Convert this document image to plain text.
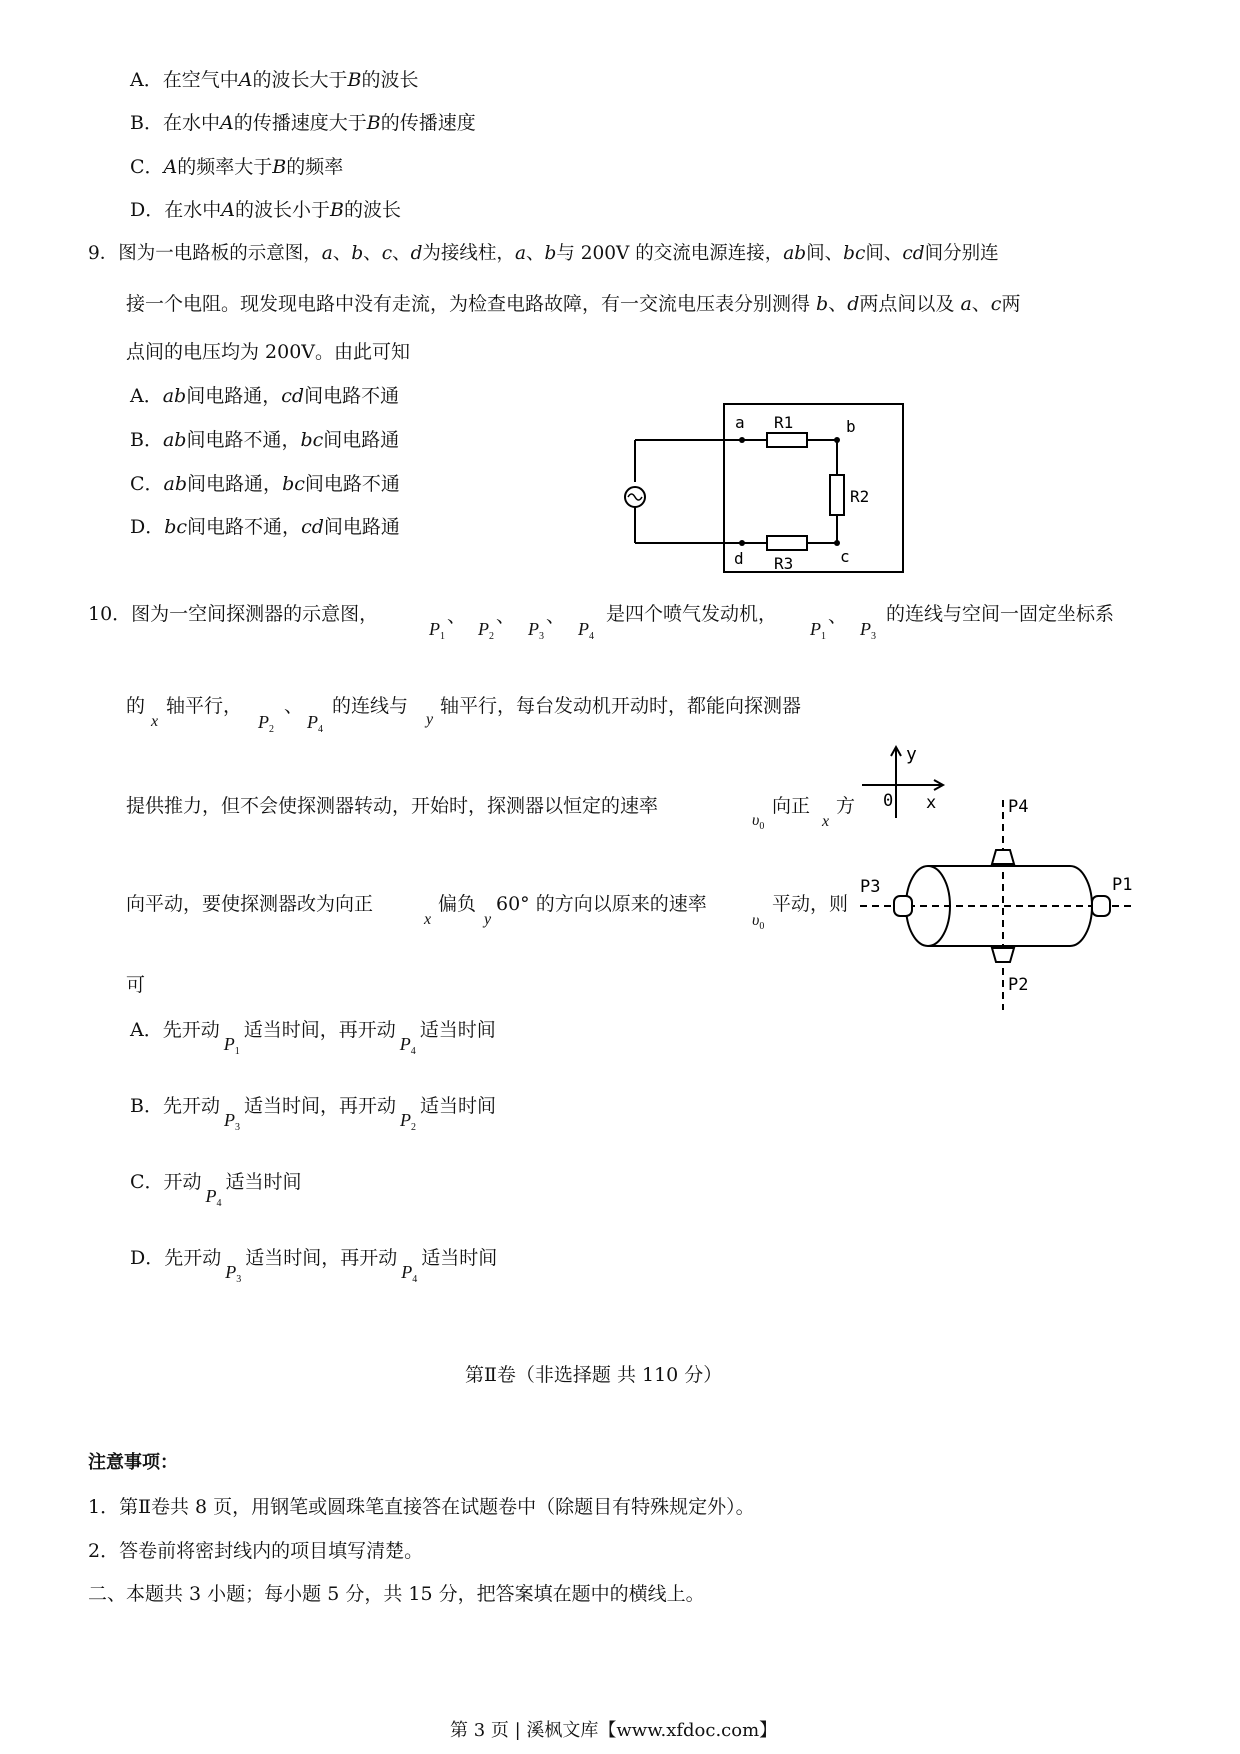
A．在空气中A的波长大于B的波长
B．在水中A的传播速度大于B的传播速度
C．A的频率大于B的频率
D．在水中A的波长小于B的波长
9．图为一电路板的示意图，a、b、c、d为接线柱，a、b与 200V 的交流电源连接，ab间、bc间、cd间分别连
接一个电阻。现发现电路中没有走流，为检查电路故障，有一交流电压表分别测得 b、d两点间以及 a、c两
点间的电压均为 200V。由此可知
A．ab间电路通，cd间电路不通
B．ab间电路不通，bc间电路通
C．ab间电路通，bc间电路不通
D．bc间电路不通，cd间电路通
a	b
c
d
R1
R2
R3
10．图为一空间探测器的示意图，
$P_1$
、
$P_2$
、
$P_3$
、
$P_4$
是四个喷气发动机，
$P_1$
、
$P_3$
的连线与空间一固定坐标系
的
x
轴平行，
$P_2$
、
$P_4$
的连线与
y
轴平行，每台发动机开动时，都能向探测器
提供推力，但不会使探测器转动，开始时，探测器以恒定的速率
$\upsilon_0$
向正
x
方
向平动，要使探测器改为向正
x
偏负
y
60° 的方向以原来的速率
$\upsilon_0$
平动，则
可
A．先开动$P_1$适当时间，再开动$P_4$适当时间
B．先开动$P_3$适当时间，再开动$P_2$适当时间
C．开动$P_4$适当时间
D．先开动$P_3$适当时间，再开动$P_4$适当时间
y
0 x
P3	P1
P4
P2
第Ⅱ卷（非选择题 共 110 分）
注意事项：
1．第Ⅱ卷共 8 页，用钢笔或圆珠笔直接答在试题卷中（除题目有特殊规定外）。
2．答卷前将密封线内的项目填写清楚。
二、本题共 3 小题；每小题 5 分，共 15 分，把答案填在题中的横线上。
第 3 页 | 溪枫文库【www.xfdoc.com】
